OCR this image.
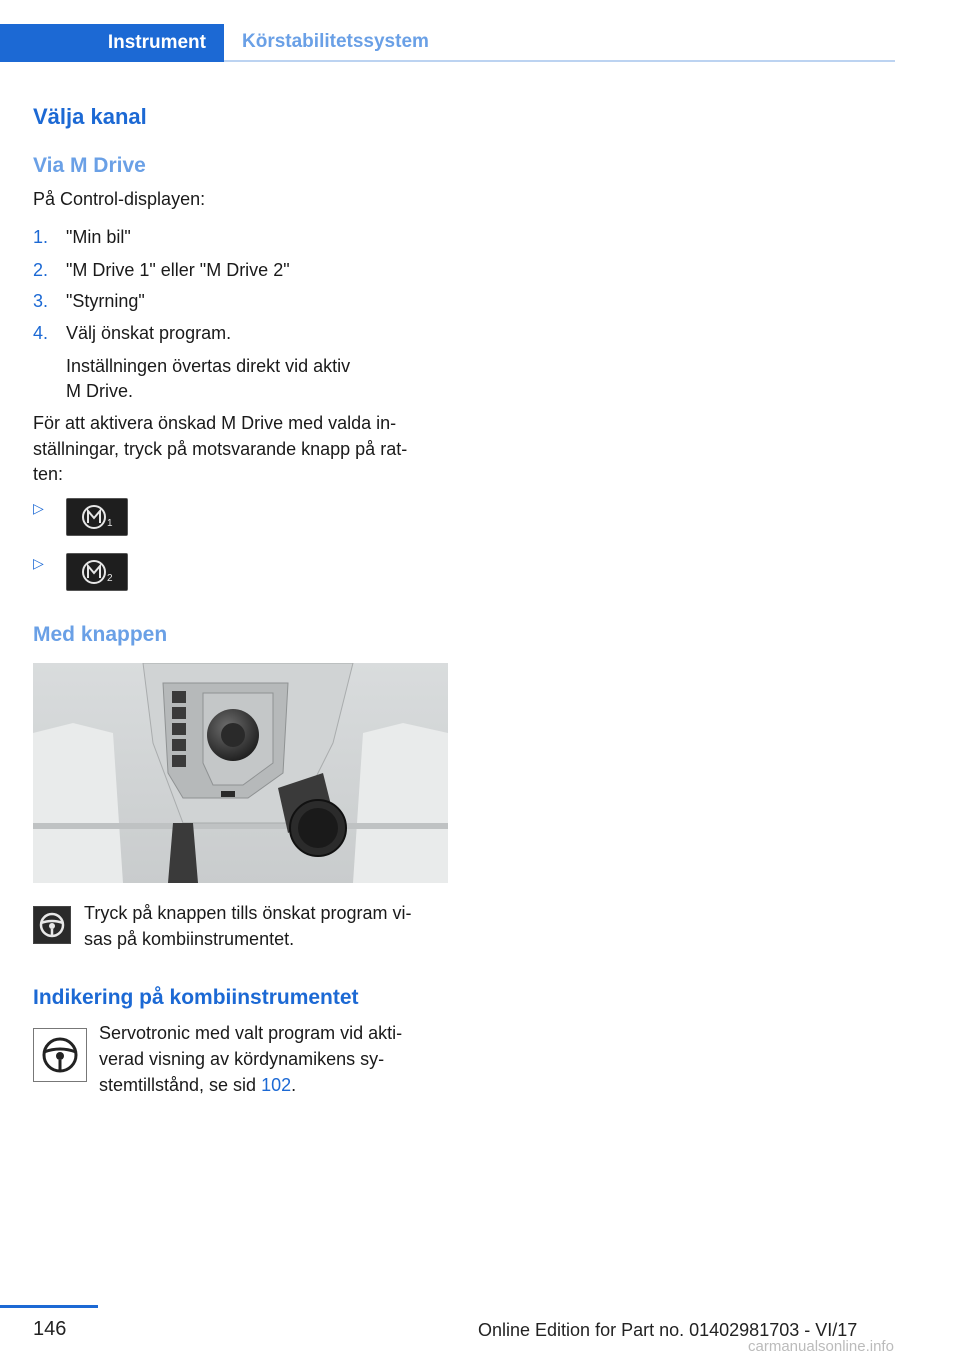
Instrument	Körstabilitetssystem
Välja kanal
Via M Drive

På Control-displayen:

1. "Min bil"
2. "M Drive 1" eller "M Drive 2"
3. "Styrning"
4. Välj önskat program.

Inställningen övertas direkt vid aktiv

M Drive.

För att aktivera önskad M Drive med valda in-

ställningar, tryck på motsvarande knapp på rat-

ten:

▷
1
▷
2
Med knappen

Tryck på knappen tills önskat program vi-

sas på kombiinstrumentet.

Indikering på kombiinstrumentet

Servotronic med valt program vid akti-

verad visning av kördynamikens sy-

stemtillstånd, se sid 102.

146	Online Edition for Part no. 01402981703 - VI/17
carmanualsonline.info
